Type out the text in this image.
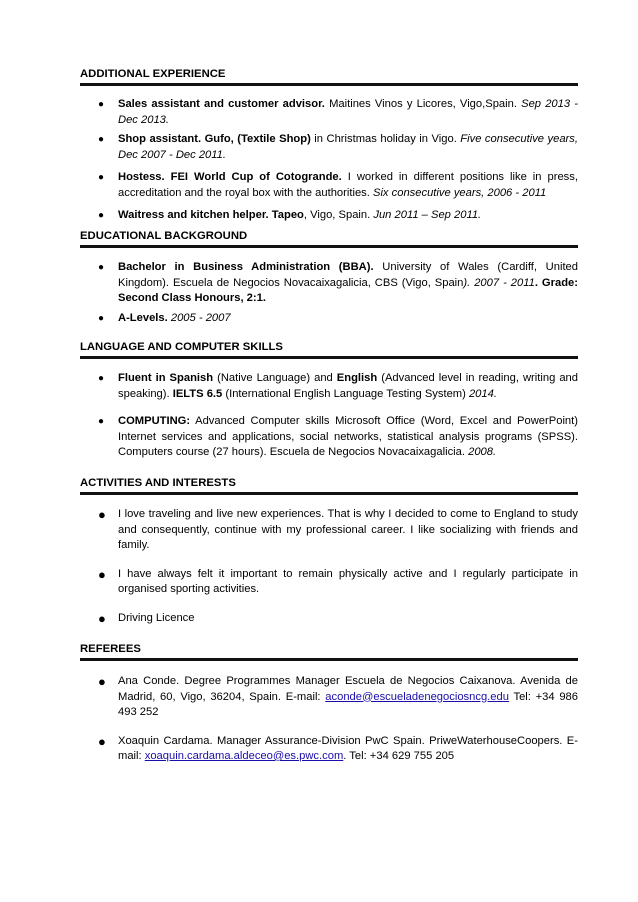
ADDITIONAL EXPERIENCE
● Sales assistant and customer advisor. Maitines Vinos y Licores, Vigo,Spain. Sep 2013 - Dec 2013.
● Shop assistant. Gufo, (Textile Shop) in Christmas holiday in Vigo. Five consecutive years, Dec 2007 - Dec 2011.
● Hostess. FEI World Cup of Cotogrande. I worked in different positions like in press, accreditation and the royal box with the authorities. Six consecutive years, 2006 - 2011
● Waitress and kitchen helper. Tapeo, Vigo, Spain. Jun 2011 – Sep 2011.
EDUCATIONAL BACKGROUND
● Bachelor in Business Administration (BBA). University of Wales (Cardiff, United Kingdom). Escuela de Negocios Novacaixagalicia, CBS (Vigo, Spain). 2007 - 2011. Grade: Second Class Honours, 2:1.
● A-Levels. 2005 - 2007
LANGUAGE AND COMPUTER SKILLS
● Fluent in Spanish (Native Language) and English (Advanced level in reading, writing and speaking). IELTS 6.5 (International English Language Testing System) 2014.
● COMPUTING: Advanced Computer skills Microsoft Office (Word, Excel and PowerPoint) Internet services and applications, social networks, statistical analysis programs (SPSS). Computers course (27 hours). Escuela de Negocios Novacaixagalicia. 2008.
ACTIVITIES AND INTERESTS
● I love traveling and live new experiences. That is why I decided to come to England to study and consequently, continue with my professional career. I like socializing with friends and family.
● I have always felt it important to remain physically active and I regularly participate in organised sporting activities.
● Driving Licence
REFEREES
● Ana Conde. Degree Programmes Manager Escuela de Negocios Caixanova. Avenida de Madrid, 60, Vigo, 36204, Spain. E-mail: aconde@escueladenegociosncg.edu Tel: +34 986 493 252
● Xoaquin Cardama. Manager Assurance-Division PwC Spain. PriweWaterhouseCoopers. E-mail: xoaquin.cardama.aldeceo@es.pwc.com. Tel: +34 629 755 205
